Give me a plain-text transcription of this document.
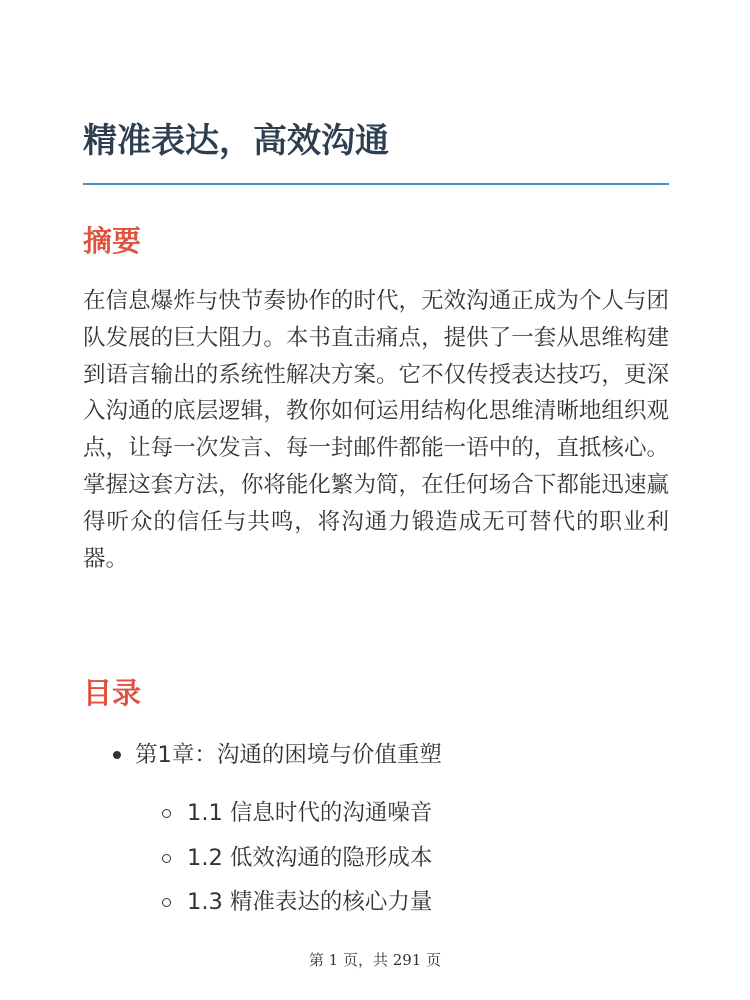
精准表达，高效沟通
摘要

在信息爆炸与快节奏协作的时代，无效沟通正成为个人与团队发展的巨大阻力。本书直击痛点，提供了一套从思维构建到语言输出的系统性解决方案。它不仅传授表达技巧，更深入沟通的底层逻辑，教你如何运用结构化思维清晰地组织观点，让每一次发言、每一封邮件都能一语中的，直抵核心。掌握这套方法，你将能化繁为简，在任何场合下都能迅速赢得听众的信任与共鸣，将沟通力锻造成无可替代的职业利器。

目录
第1章：沟通的困境与价值重塑
1.1 信息时代的沟通噪音
1.2 低效沟通的隐形成本
1.3 精准表达的核心力量
第 1 页，共 291 页
